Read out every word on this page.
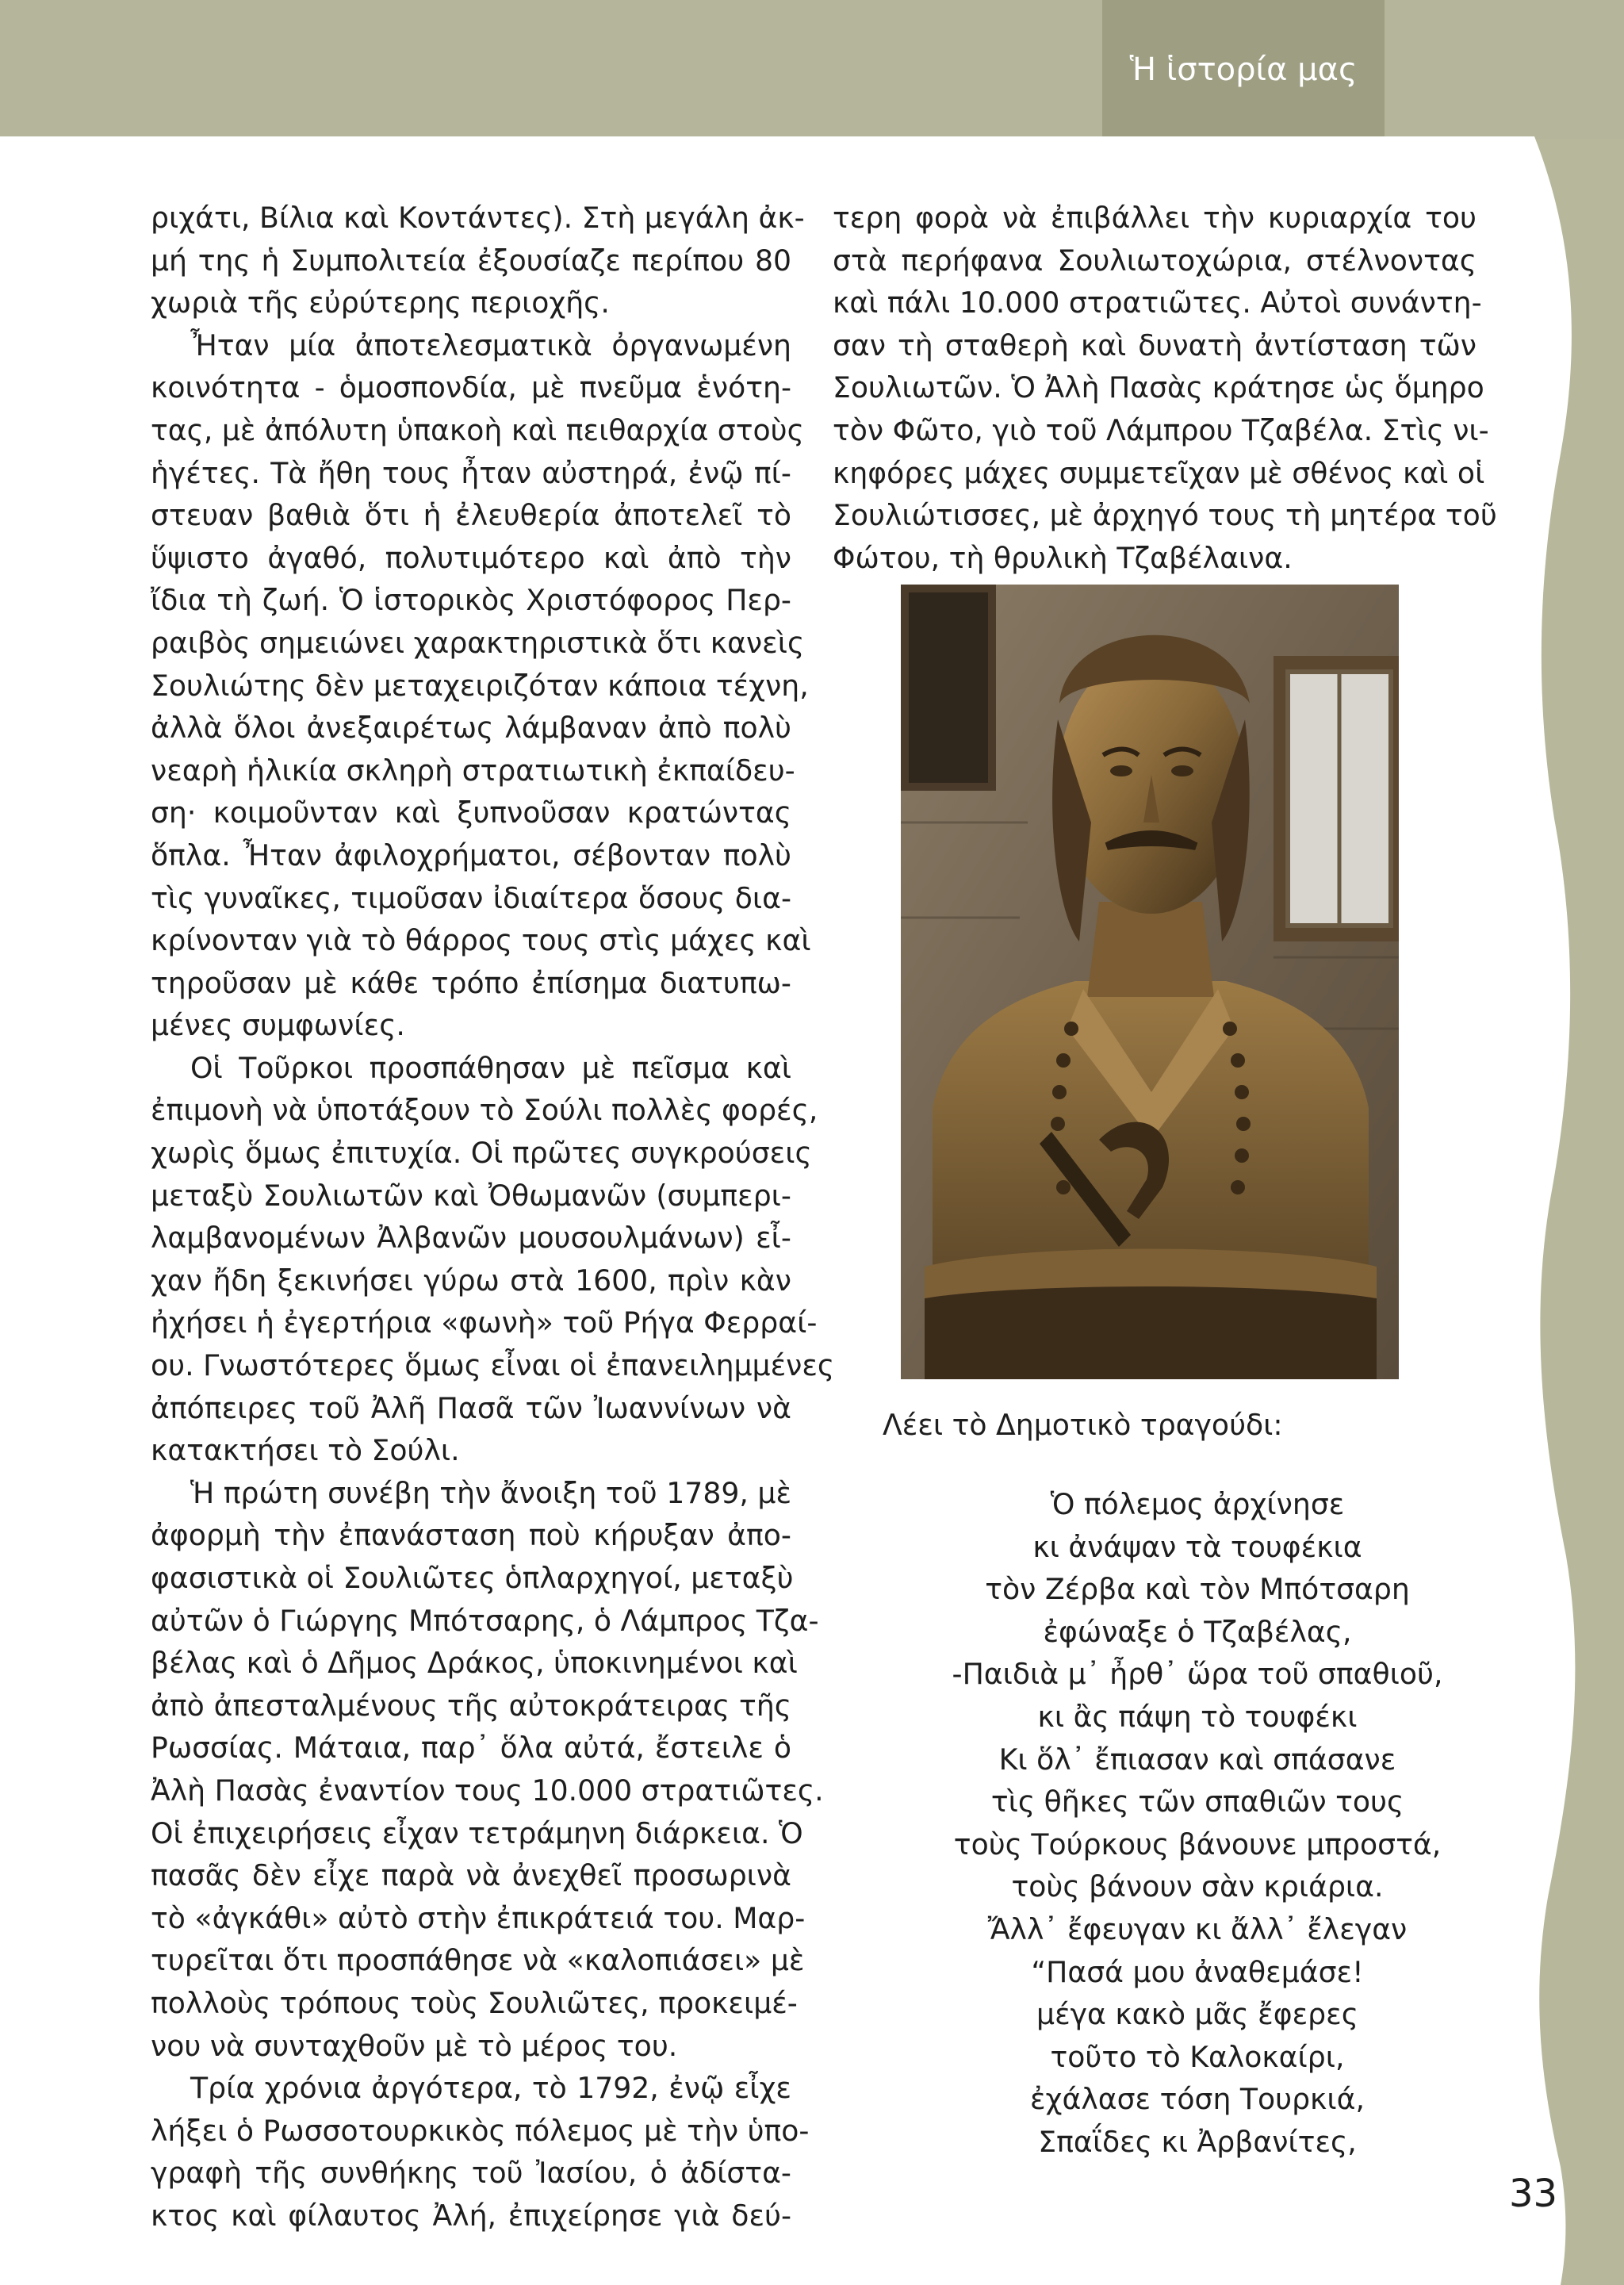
Ἡ ἱστορία μας
ριχάτι, Βίλια καὶ Κοντάντες). Στὴ μεγάλη ἀκ-
μή της ἡ Συμπολιτεία ἐξουσίαζε περίπου 80
χωριὰ τῆς εὐρύτερης περιοχῆς.
Ἦταν μία ἀποτελεσματικὰ ὀργανωμένη
κοινότητα - ὁμοσπονδία, μὲ πνεῦμα ἑνότη-
τας, μὲ ἀπόλυτη ὑπακοὴ καὶ πειθαρχία στοὺς
ἡγέτες. Τὰ ἤθη τους ἦταν αὐστηρά, ἐνῷ πί-
στευαν βαθιὰ ὅτι ἡ ἐλευθερία ἀποτελεῖ τὸ
ὕψιστο ἀγαθό, πολυτιμότερο καὶ ἀπὸ τὴν
ἴδια τὴ ζωή. Ὁ ἱστορικὸς Χριστόφορος Περ-
ραιβὸς σημειώνει χαρακτηριστικὰ ὅτι κανεὶς
Σουλιώτης δὲν μεταχειριζόταν κάποια τέχνη,
ἀλλὰ ὅλοι ἀνεξαιρέτως λάμβαναν ἀπὸ πολὺ
νεαρὴ ἡλικία σκληρὴ στρατιωτικὴ ἐκπαίδευ-
ση· κοιμοῦνταν καὶ ξυπνοῦσαν κρατώντας
ὅπλα. Ἦταν ἀφιλοχρήματοι, σέβονταν πολὺ
τὶς γυναῖκες, τιμοῦσαν ἰδιαίτερα ὅσους δια-
κρίνονταν γιὰ τὸ θάρρος τους στὶς μάχες καὶ
τηροῦσαν μὲ κάθε τρόπο ἐπίσημα διατυπω-
μένες συμφωνίες.
Οἱ Τοῦρκοι προσπάθησαν μὲ πεῖσμα καὶ
ἐπιμονὴ νὰ ὑποτάξουν τὸ Σούλι πολλὲς φορές,
χωρὶς ὅμως ἐπιτυχία. Οἱ πρῶτες συγκρούσεις
μεταξὺ Σουλιωτῶν καὶ Ὀθωμανῶν (συμπερι-
λαμβανομένων Ἀλβανῶν μουσουλμάνων) εἶ-
χαν ἤδη ξεκινήσει γύρω στὰ 1600, πρὶν κὰν
ἠχήσει ἡ ἐγερτήρια «φωνὴ» τοῦ Ρήγα Φερραί-
ου. Γνωστότερες ὅμως εἶναι οἱ ἐπανειλημμένες
ἀπόπειρες τοῦ Ἀλῆ Πασᾶ τῶν Ἰωαννίνων νὰ
κατακτήσει τὸ Σούλι.
Ἡ πρώτη συνέβη τὴν ἄνοιξη τοῦ 1789, μὲ
ἀφορμὴ τὴν ἐπανάσταση ποὺ κήρυξαν ἀπο-
φασιστικὰ οἱ Σουλιῶτες ὁπλαρχηγοί, μεταξὺ
αὐτῶν ὁ Γιώργης Μπότσαρης, ὁ Λάμπρος Τζα-
βέλας καὶ ὁ Δῆμος Δράκος, ὑποκινημένοι καὶ
ἀπὸ ἀπεσταλμένους τῆς αὐτοκράτειρας τῆς
Ρωσσίας. Μάταια, παρ᾽ ὅλα αὐτά, ἔστειλε ὁ
Ἀλὴ Πασὰς ἐναντίον τους 10.000 στρατιῶτες.
Οἱ ἐπιχειρήσεις εἶχαν τετράμηνη διάρκεια. Ὁ
πασᾶς δὲν εἶχε παρὰ νὰ ἀνεχθεῖ προσωρινὰ
τὸ «ἀγκάθι» αὐτὸ στὴν ἐπικράτειά του. Μαρ-
τυρεῖται ὅτι προσπάθησε νὰ «καλοπιάσει» μὲ
πολλοὺς τρόπους τοὺς Σουλιῶτες, προκειμέ-
νου νὰ συνταχθοῦν μὲ τὸ μέρος του.
Τρία χρόνια ἀργότερα, τὸ 1792, ἐνῷ εἶχε
λήξει ὁ Ρωσσοτουρκικὸς πόλεμος μὲ τὴν ὑπο-
γραφὴ τῆς συνθήκης τοῦ Ἰασίου, ὁ ἀδίστα-
κτος καὶ φίλαυτος Ἀλή, ἐπιχείρησε γιὰ δεύ-
τερη φορὰ νὰ ἐπιβάλλει τὴν κυριαρχία του
στὰ περήφανα Σουλιωτοχώρια, στέλνοντας
καὶ πάλι 10.000 στρατιῶτες. Αὐτοὶ συνάντη-
σαν τὴ σταθερὴ καὶ δυνατὴ ἀντίσταση τῶν
Σουλιωτῶν. Ὁ Ἀλὴ Πασὰς κράτησε ὡς ὅμηρο
τὸν Φῶτο, γιὸ τοῦ Λάμπρου Τζαβέλα. Στὶς νι-
κηφόρες μάχες συμμετεῖχαν μὲ σθένος καὶ οἱ
Σουλιώτισσες, μὲ ἀρχηγό τους τὴ μητέρα τοῦ
Φώτου, τὴ θρυλικὴ Τζαβέλαινα.
Λέει τὸ Δημοτικὸ τραγούδι:
Ὁ πόλεμος ἀρχίνησε
κι ἀνάψαν τὰ τουφέκια
τὸν Ζέρβα καὶ τὸν Μπότσαρη
ἐφώναξε ὁ Τζαβέλας,
-Παιδιὰ μ᾽ ἦρθ᾽ ὥρα τοῦ σπαθιοῦ,
κι ἂς πάψη τὸ τουφέκι
Κι ὅλ᾽ ἔπιασαν καὶ σπάσανε
τὶς θῆκες τῶν σπαθιῶν τους
τοὺς Τούρκους βάνουνε μπροστά,
τοὺς βάνουν σὰν κριάρια.
Ἄλλ᾽ ἔφευγαν κι ἄλλ᾽ ἔλεγαν
“Πασά μου ἀναθεμάσε!
μέγα κακὸ μᾶς ἔφερες
τοῦτο τὸ Καλοκαίρι,
ἐχάλασε τόση Τουρκιά,
Σπαΐδες κι Ἀρβανίτες,
33
